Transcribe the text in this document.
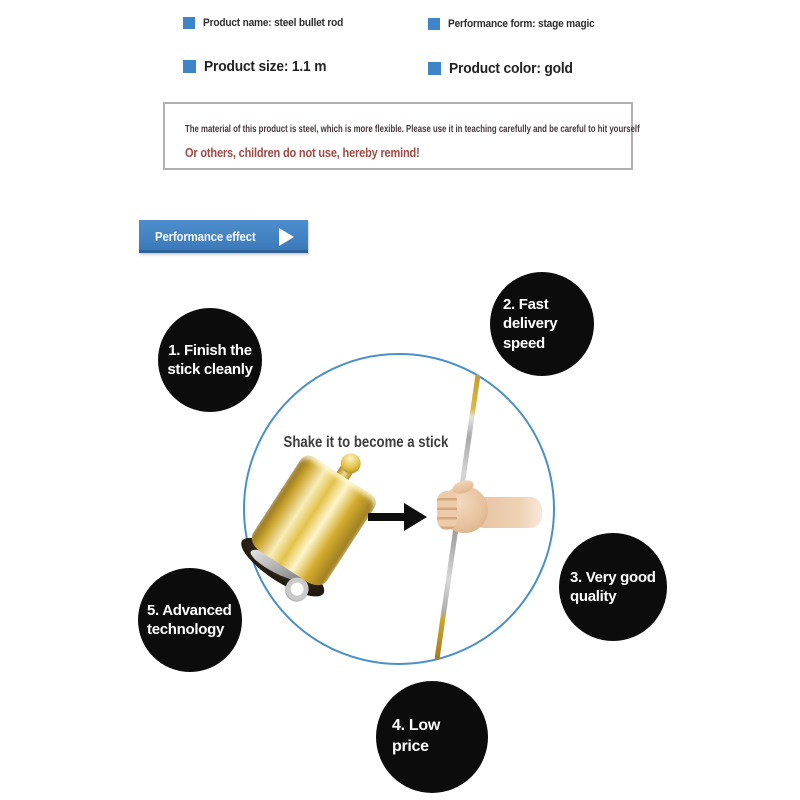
Product name: steel bullet rod	Performance form: stage magic
Product size: 1.1 m	Product color: gold
The material of this product is steel, which is more flexible. Please use it in teaching carefully and be careful to hit yourself
Or others, children do not use, hereby remind!
Performance effect
Shake it to become a stick
1. Finish the
stick cleanly
2. Fast delivery
speed
3. Very good
quality
4. Low
price
5. Advanced
technology
